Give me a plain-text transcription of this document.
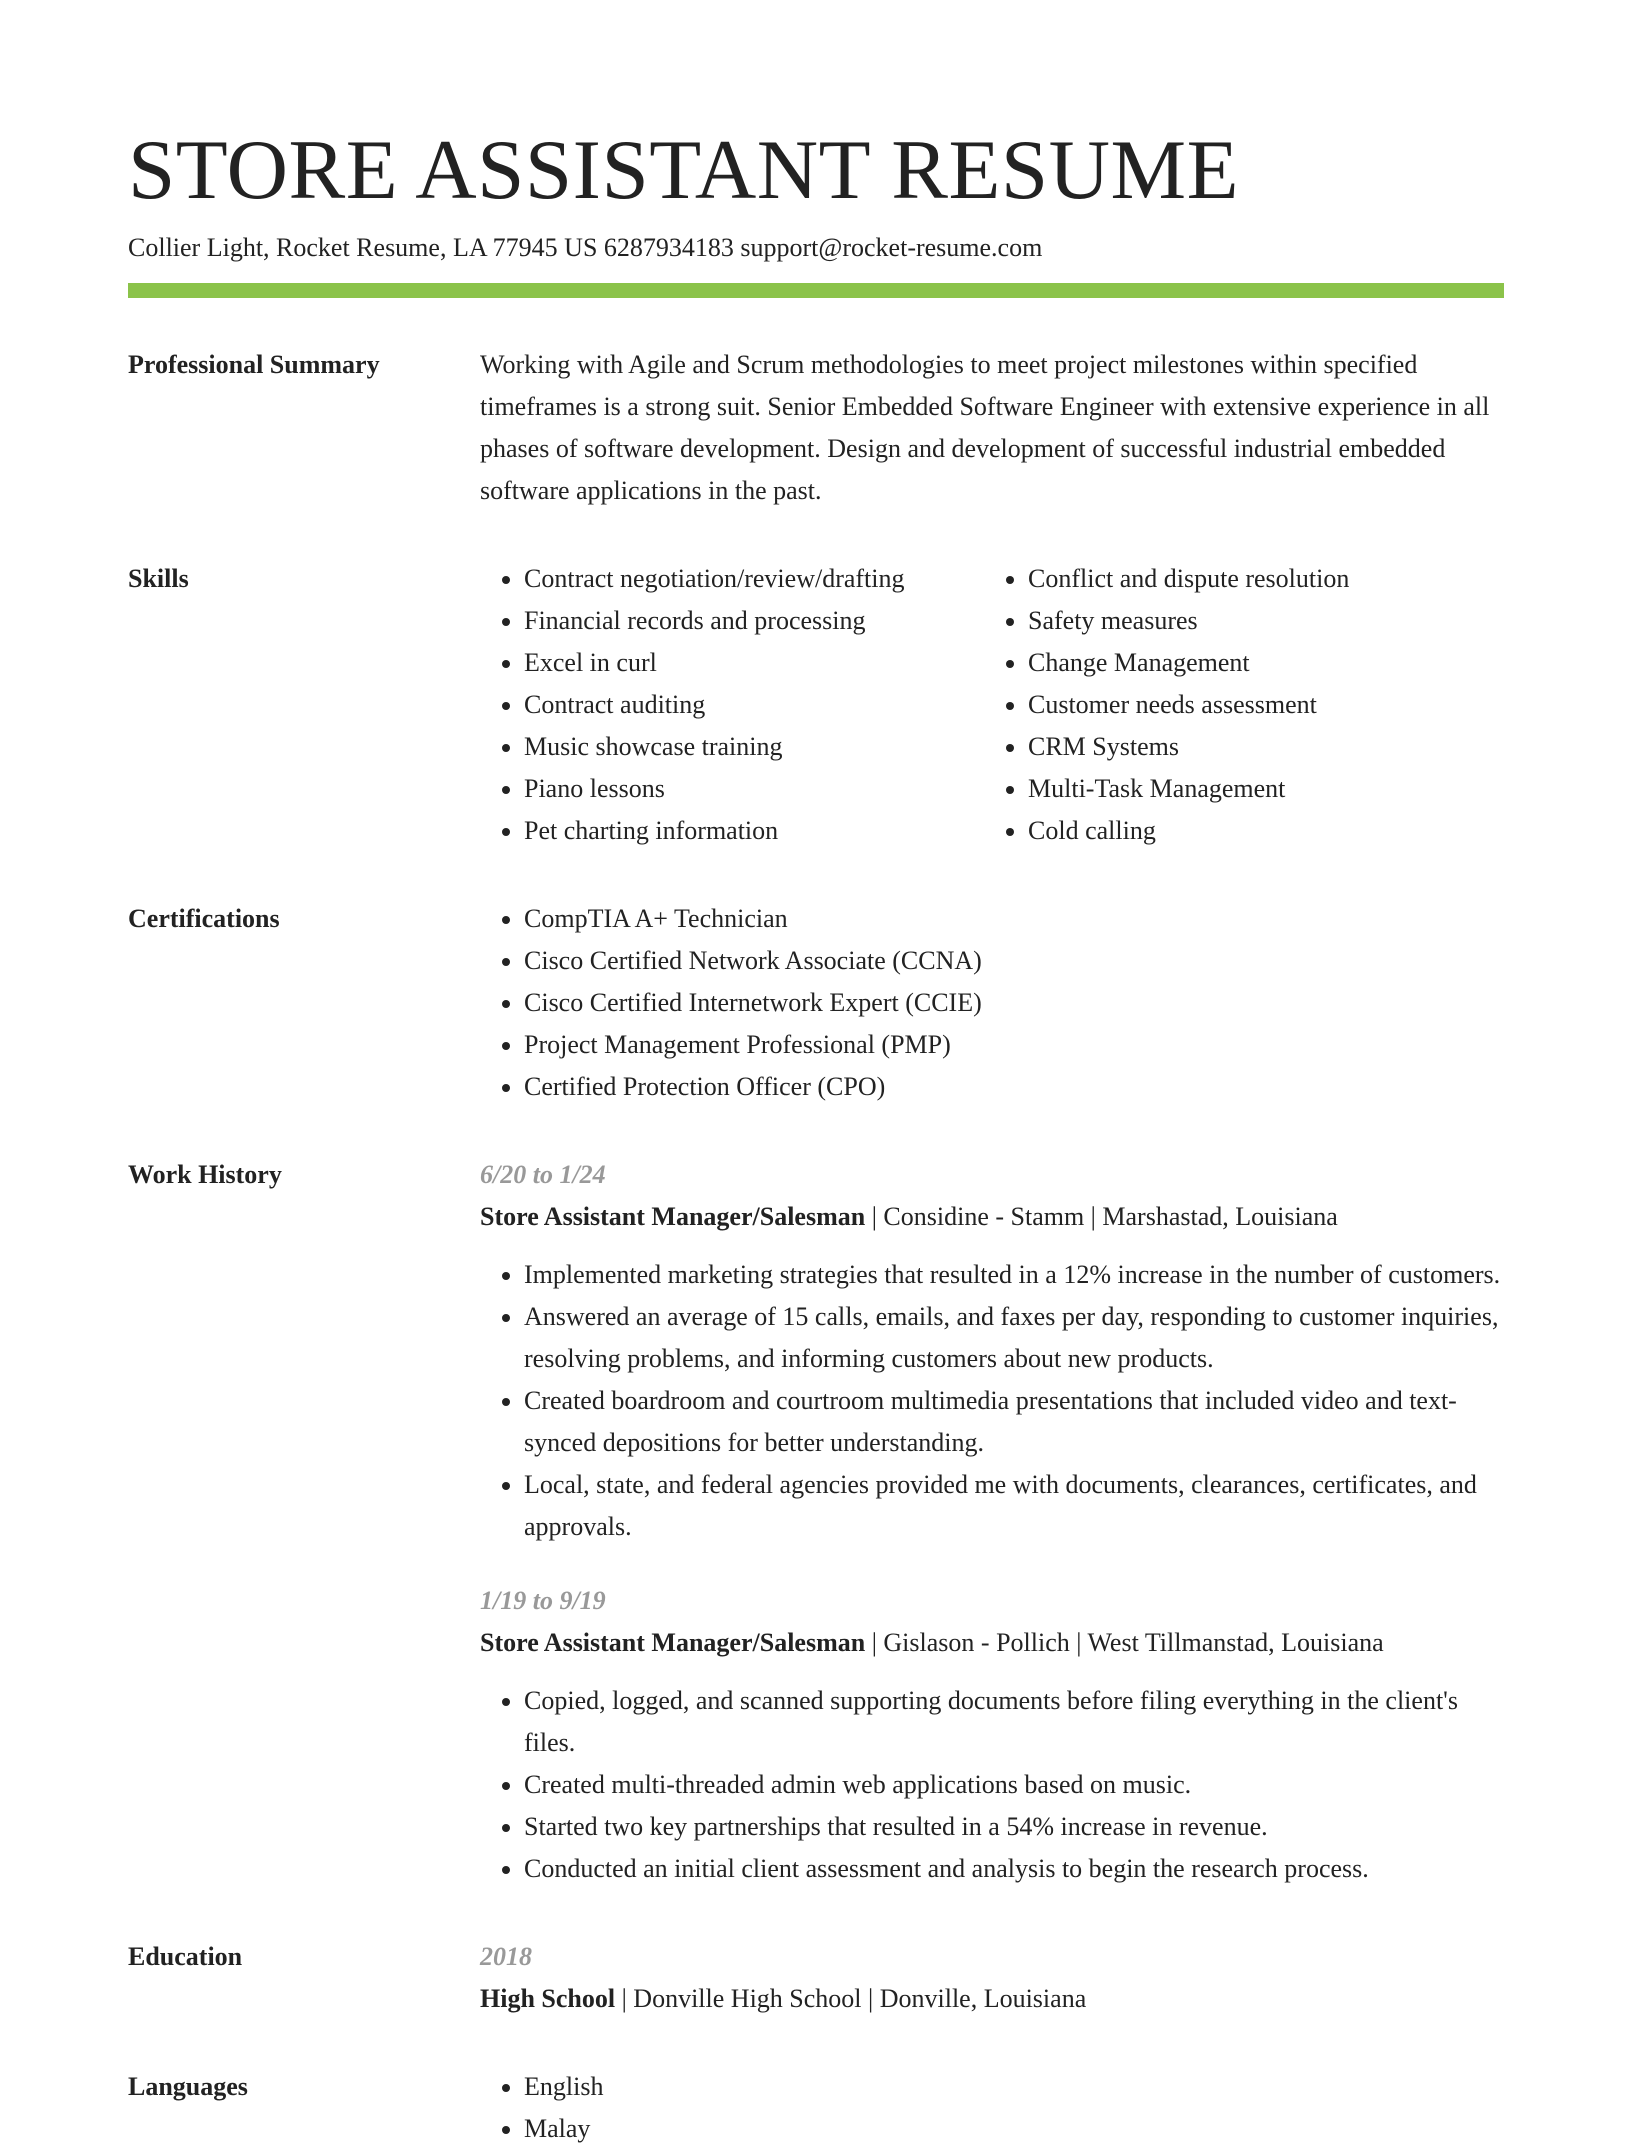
STORE ASSISTANT RESUME
Collier Light, Rocket Resume, LA 77945 US 6287934183 support@rocket-resume.com
Professional Summary	Working with Agile and Scrum methodologies to meet project milestones within specified timeframes is a strong suit. Senior Embedded Software Engineer with extensive experience in all phases of software development. Design and development of successful industrial embedded software applications in the past.
Skills	• Contract negotiation/review/drafting
• Financial records and processing
• Excel in curl
• Contract auditing
• Music showcase training
• Piano lessons
• Pet charting information
• Conflict and dispute resolution
• Safety measures
• Change Management
• Customer needs assessment
• CRM Systems
• Multi-Task Management
• Cold calling
Certifications	• CompTIA A+ Technician
• Cisco Certified Network Associate (CCNA)
• Cisco Certified Internetwork Expert (CCIE)
• Project Management Professional (PMP)
• Certified Protection Officer (CPO)
Work History	6/20 to 1/24
Store Assistant Manager/Salesman | Considine - Stamm | Marshastad, Louisiana
• Implemented marketing strategies that resulted in a 12% increase in the number of customers.
• Answered an average of 15 calls, emails, and faxes per day, responding to customer inquiries, resolving problems, and informing customers about new products.
• Created boardroom and courtroom multimedia presentations that included video and text-synced depositions for better understanding.
• Local, state, and federal agencies provided me with documents, clearances, certificates, and approvals.
1/19 to 9/19
Store Assistant Manager/Salesman | Gislason - Pollich | West Tillmanstad, Louisiana
• Copied, logged, and scanned supporting documents before filing everything in the client's files.
• Created multi-threaded admin web applications based on music.
• Started two key partnerships that resulted in a 54% increase in revenue.
• Conducted an initial client assessment and analysis to begin the research process.
Education	2018
High School | Donville High School | Donville, Louisiana
Languages	• English
• Malay
